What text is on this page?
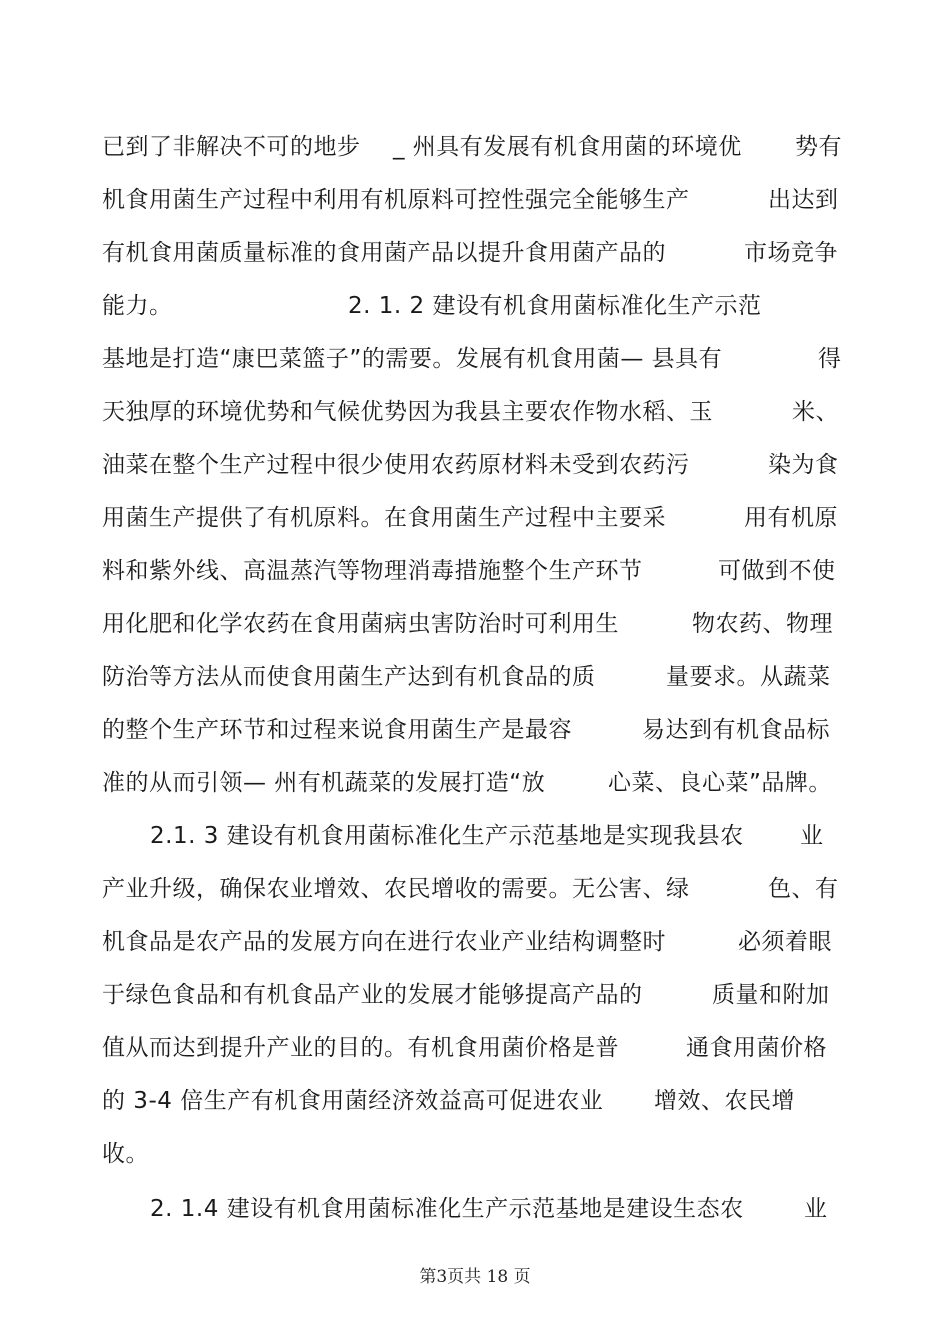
已到了非解决不可的地步 _ 州具有发展有机食用菌的环境优 势有
机食用菌生产过程中利用有机原料可控性强完全能够生产	出达到
有机食用菌质量标准的食用菌产品以提升食用菌产品的	市场竞争
能力。	2. 1. 2 建设有机食用菌标准化生产示范
基地是打造“康巴菜篮子”的需要。发展有机食用菌— 县具有	得
天独厚的环境优势和气候优势因为我县主要农作物水稻、玉	米、
油菜在整个生产过程中很少使用农药原材料未受到农药污	染为食
用菌生产提供了有机原料。在食用菌生产过程中主要采	用有机原
料和紫外线、高温蒸汽等物理消毒措施整个生产环节	可做到不使
用化肥和化学农药在食用菌病虫害防治时可利用生	物农药、物理
防治等方法从而使食用菌生产达到有机食品的质	量要求。从蔬菜
的整个生产环节和过程来说食用菌生产是最容	易达到有机食品标
准的从而引领— 州有机蔬菜的发展打造“放	心菜、良心菜”品牌。
2.1. 3 建设有机食用菌标准化生产示范基地是实现我县农 业
产业升级，确保农业增效、农民增收的需要。无公害、绿	色、有
机食品是农产品的发展方向在进行农业产业结构调整时	必须着眼
于绿色食品和有机食品产业的发展才能够提高产品的	质量和附加
值从而达到提升产业的目的。有机食用菌价格是普	通食用菌价格
的 3-4 倍生产有机食用菌经济效益高可促进农业 增效、农民增
收。
2. 1.4 建设有机食用菌标准化生产示范基地是建设生态农	业
第3页共 18 页
